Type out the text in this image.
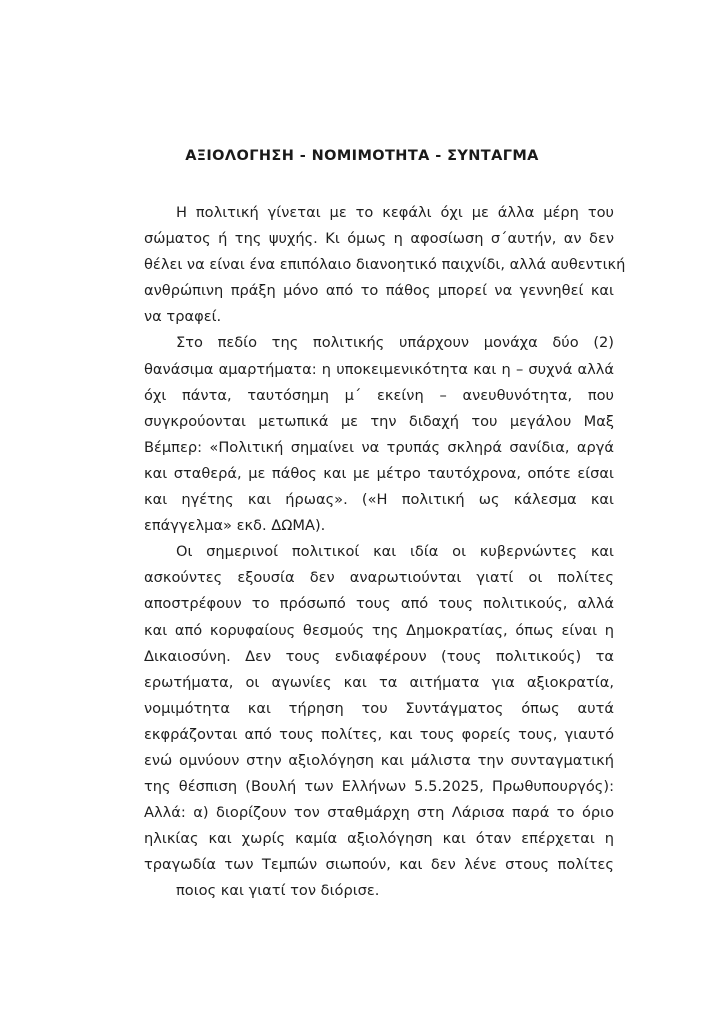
ΑΞΙΟΛΟΓΗΣΗ - ΝΟΜΙΜΟΤΗΤΑ - ΣΥΝΤΑΓΜΑ
Η πολιτική γίνεται με το κεφάλι όχι με άλλα μέρη του
σώματος ή της ψυχής. Κι όμως η αφοσίωση σ΄αυτήν, αν δεν
θέλει να είναι ένα επιπόλαιο διανοητικό παιχνίδι, αλλά αυθεντική
ανθρώπινη πράξη μόνο από το πάθος μπορεί να γεννηθεί και
να τραφεί.
Στο πεδίο της πολιτικής υπάρχουν μονάχα δύο (2)
θανάσιμα αμαρτήματα: η υποκειμενικότητα και η – συχνά αλλά
όχι πάντα, ταυτόσημη μ΄ εκείνη – ανευθυνότητα, που
συγκρούονται μετωπικά με την διδαχή του μεγάλου Μαξ
Βέμπερ: «Πολιτική σημαίνει να τρυπάς σκληρά σανίδια, αργά
και σταθερά, με πάθος και με μέτρο ταυτόχρονα, οπότε είσαι
και ηγέτης και ήρωας». («Η πολιτική ως κάλεσμα και
επάγγελμα» εκδ. ΔΩΜΑ).
Οι σημερινοί πολιτικοί και ιδία οι κυβερνώντες και
ασκούντες εξουσία δεν αναρωτιούνται γιατί οι πολίτες
αποστρέφουν το πρόσωπό τους από τους πολιτικούς, αλλά
και από κορυφαίους θεσμούς της Δημοκρατίας, όπως είναι η
Δικαιοσύνη. Δεν τους ενδιαφέρουν (τους πολιτικούς) τα
ερωτήματα, οι αγωνίες και τα αιτήματα για αξιοκρατία,
νομιμότητα και τήρηση του Συντάγματος όπως αυτά
εκφράζονται από τους πολίτες, και τους φορείς τους, γιαυτό
ενώ ομνύουν στην αξιολόγηση και μάλιστα την συνταγματική
της θέσπιση (Βουλή των Ελλήνων 5.5.2025, Πρωθυπουργός):
Αλλά: α) διορίζουν τον σταθμάρχη στη Λάρισα παρά το όριο
ηλικίας και χωρίς καμία αξιολόγηση και όταν επέρχεται η
τραγωδία των Τεμπών σιωπούν, και δεν λένε στους πολίτες
ποιος και γιατί τον διόρισε.
